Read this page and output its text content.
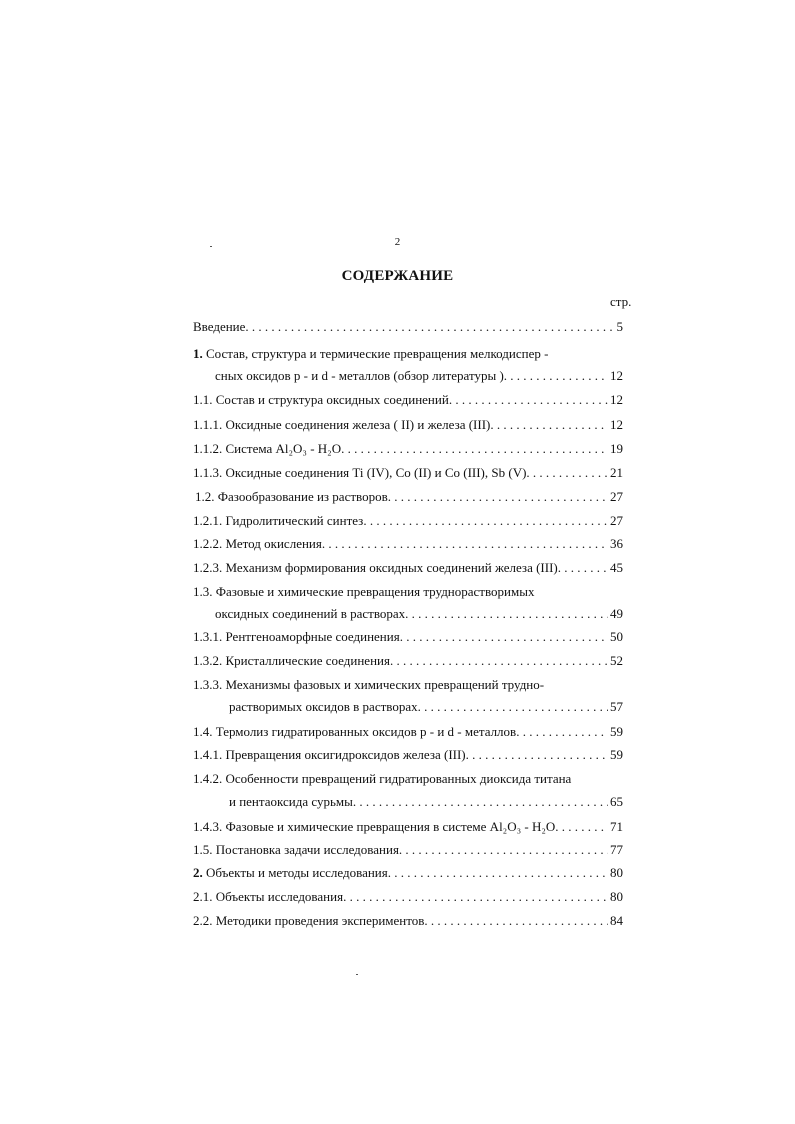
2
СОДЕРЖАНИЕ
стр.
Введение . . .	5
1. Состав, структура и термические превращения мелкодиспер -
сных оксидов р - и d - металлов (обзор литературы ) . . .	12
1.1. Состав и структура оксидных соединений . . .	12
1.1.1. Оксидные соединения железа ( II) и железа (III) . . .	12
1.1.2. Система Al₂O₃ - H₂O . . .	19
1.1.3. Оксидные соединения Ti (IV), Co (II) и Co (III), Sb (V) . . .	21
1.2. Фазообразование из растворов . . .	27
1.2.1. Гидролитический синтез . . .	27
1.2.2. Метод окисления . . .	36
1.2.3. Механизм формирования оксидных соединений железа (III) . . .	45
1.3. Фазовые и химические превращения труднорастворимых
оксидных соединений в растворах . . .	49
1.3.1. Рентгеноаморфные соединения . . .	50
1.3.2. Кристаллические соединения . . .	52
1.3.3. Механизмы фазовых и химических превращений трудно-
растворимых оксидов в растворах . . .	57
1.4. Термолиз гидратированных оксидов р - и d - металлов . . .	59
1.4.1. Превращения оксигидроксидов железа (III) . . .	59
1.4.2. Особенности превращений гидратированных диоксида титана
и пентаоксида сурьмы . . .	65
1.4.3. Фазовые и химические превращения в системе Al₂O₃ - H₂O . . .	71
1.5. Постановка задачи исследования . . .	77
2. Объекты и методы исследования . . .	80
2.1. Объекты исследования . . .	80
2.2. Методики проведения экспериментов . . .	84
